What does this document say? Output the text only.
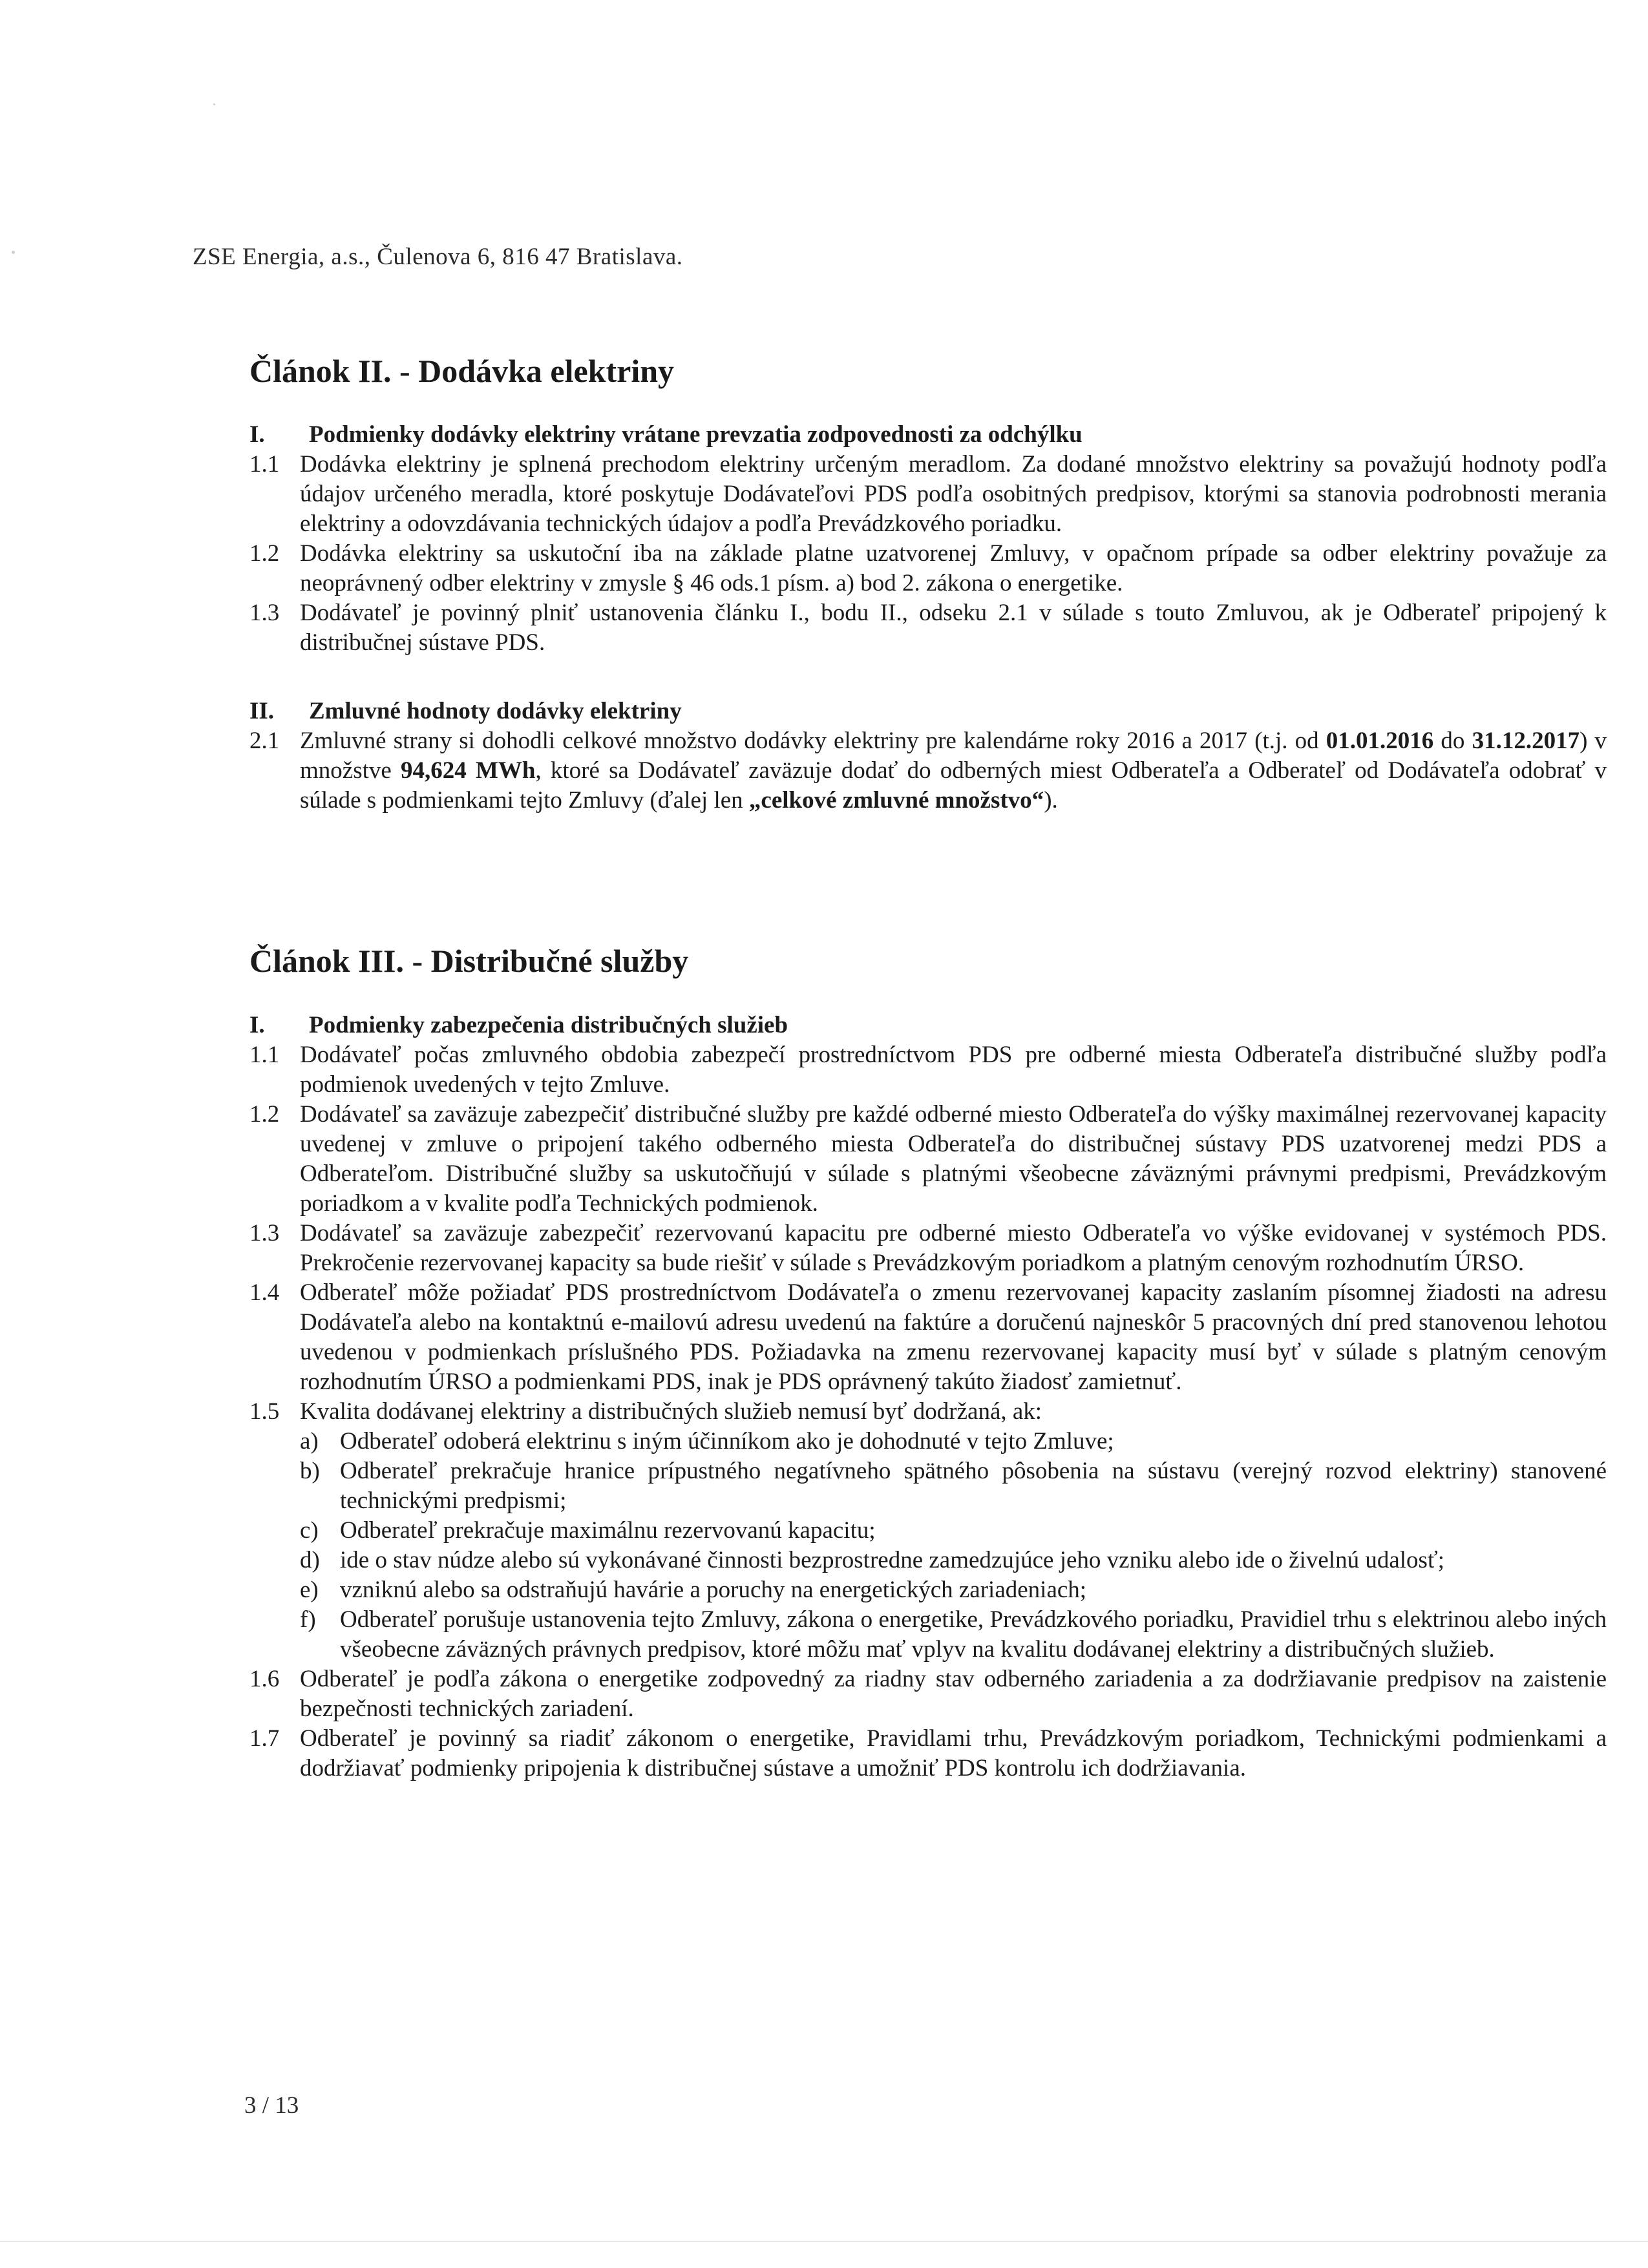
ZSE Energia, a.s., Čulenova 6, 816 47 Bratislava.
Článok II. - Dodávka elektriny
I.	Podmienky dodávky elektriny vrátane prevzatia zodpovednosti za odchýlku
1.1 Dodávka elektriny je splnená prechodom elektriny určeným meradlom. Za dodané množstvo elektriny sa považujú hodnoty podľa údajov určeného meradla, ktoré poskytuje Dodávateľovi PDS podľa osobitných predpisov, ktorými sa stanovia podrobnosti merania elektriny a odovzdávania technických údajov a podľa Prevádzkového poriadku.
1.2 Dodávka elektriny sa uskutoční iba na základe platne uzatvorenej Zmluvy, v opačnom prípade sa odber elektriny považuje za neoprávnený odber elektriny v zmysle § 46 ods.1 písm. a) bod 2. zákona o energetike.
1.3 Dodávateľ je povinný plniť ustanovenia článku I., bodu II., odseku 2.1 v súlade s touto Zmluvou, ak je Odberateľ pripojený k distribučnej sústave PDS.
II.	Zmluvné hodnoty dodávky elektriny
2.1 Zmluvné strany si dohodli celkové množstvo dodávky elektriny pre kalendárne roky 2016 a 2017 (t.j. od 01.01.2016 do 31.12.2017) v množstve 94,624 MWh, ktoré sa Dodávateľ zaväzuje dodať do odberných miest Odberateľa a Odberateľ od Dodávateľa odobrať v súlade s podmienkami tejto Zmluvy (ďalej len „celkové zmluvné množstvo“).
Článok III. - Distribučné služby
I.	Podmienky zabezpečenia distribučných služieb
1.1 Dodávateľ počas zmluvného obdobia zabezpečí prostredníctvom PDS pre odberné miesta Odberateľa distribučné služby podľa podmienok uvedených v tejto Zmluve.
1.2 Dodávateľ sa zaväzuje zabezpečiť distribučné služby pre každé odberné miesto Odberateľa do výšky maximálnej rezervovanej kapacity uvedenej v zmluve o pripojení takého odberného miesta Odberateľa do distribučnej sústavy PDS uzatvorenej medzi PDS a Odberateľom. Distribučné služby sa uskutočňujú v súlade s platnými všeobecne záväznými právnymi predpismi, Prevádzkovým poriadkom a v kvalite podľa Technických podmienok.
1.3 Dodávateľ sa zaväzuje zabezpečiť rezervovanú kapacitu pre odberné miesto Odberateľa vo výške evidovanej v systémoch PDS. Prekročenie rezervovanej kapacity sa bude riešiť v súlade s Prevádzkovým poriadkom a platným cenovým rozhodnutím ÚRSO.
1.4 Odberateľ môže požiadať PDS prostredníctvom Dodávateľa o zmenu rezervovanej kapacity zaslaním písomnej žiadosti na adresu Dodávateľa alebo na kontaktnú e-mailovú adresu uvedenú na faktúre a doručenú najneskôr 5 pracovných dní pred stanovenou lehotou uvedenou v podmienkach príslušného PDS. Požiadavka na zmenu rezervovanej kapacity musí byť v súlade s platným cenovým rozhodnutím ÚRSO a podmienkami PDS, inak je PDS oprávnený takúto žiadosť zamietnuť.
1.5 Kvalita dodávanej elektriny a distribučných služieb nemusí byť dodržaná, ak:
a) Odberateľ odoberá elektrinu s iným účinníkom ako je dohodnuté v tejto Zmluve;
b) Odberateľ prekračuje hranice prípustného negatívneho spätného pôsobenia na sústavu (verejný rozvod elektriny) stanovené technickými predpismi;
c) Odberateľ prekračuje maximálnu rezervovanú kapacitu;
d) ide o stav núdze alebo sú vykonávané činnosti bezprostredne zamedzujúce jeho vzniku alebo ide o živelnú udalosť;
e) vzniknú alebo sa odstraňujú havárie a poruchy na energetických zariadeniach;
f)	Odberateľ porušuje ustanovenia tejto Zmluvy, zákona o energetike, Prevádzkového poriadku, Pravidiel trhu s elektrinou alebo iných všeobecne záväzných právnych predpisov, ktoré môžu mať vplyv na kvalitu dodávanej elektriny a distribučných služieb.
1.6 Odberateľ je podľa zákona o energetike zodpovedný za riadny stav odberného zariadenia a za dodržiavanie predpisov na zaistenie bezpečnosti technických zariadení.
1.7 Odberateľ je povinný sa riadiť zákonom o energetike, Pravidlami trhu, Prevádzkovým poriadkom, Technickými podmienkami a dodržiavať podmienky pripojenia k distribučnej sústave a umožniť PDS kontrolu ich dodržiavania.
3 / 13
